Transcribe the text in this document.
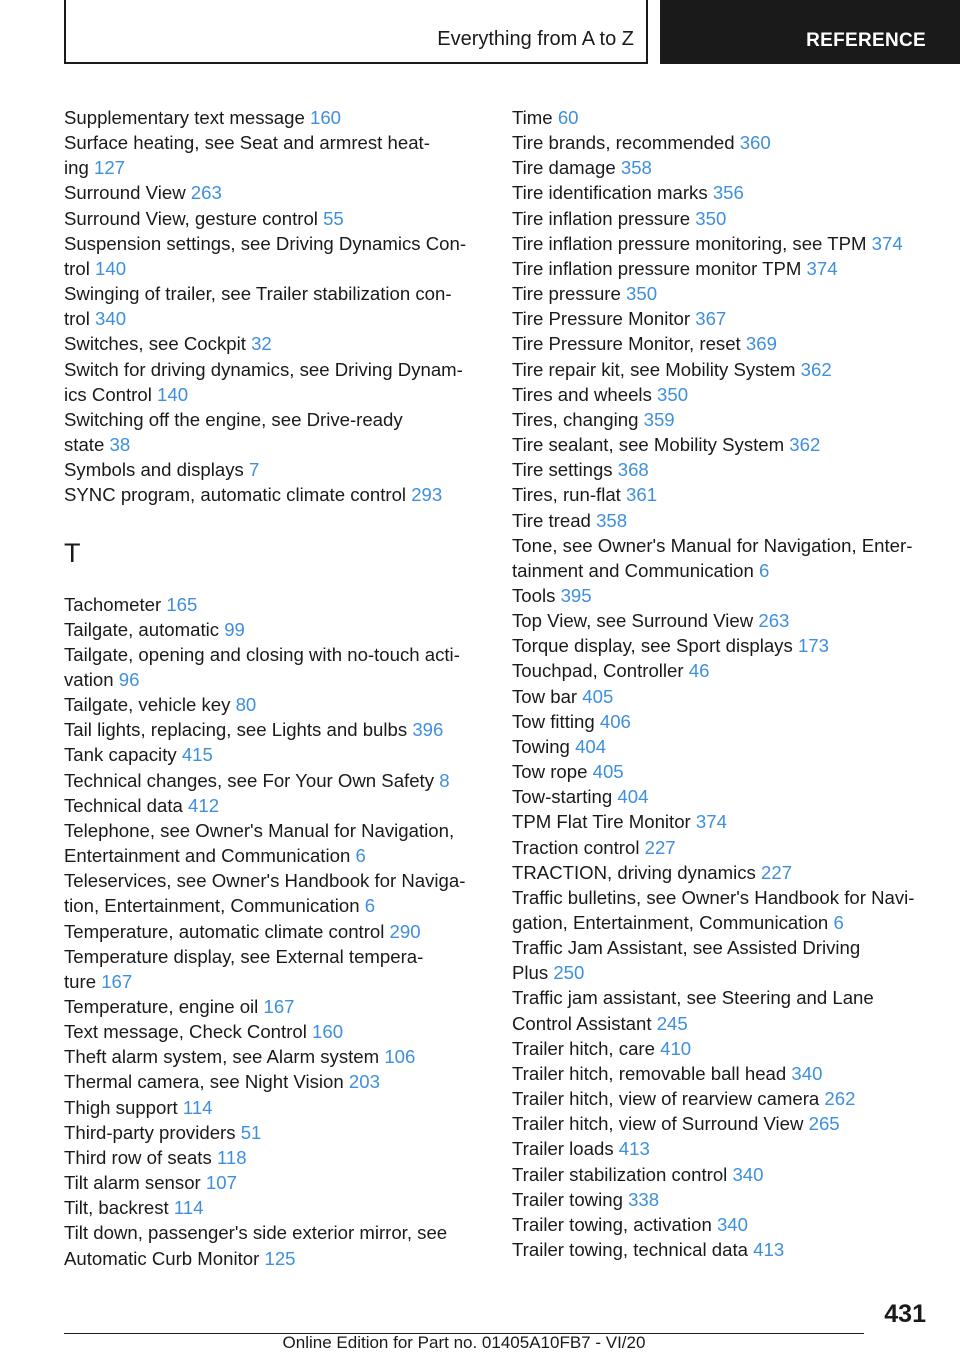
Everything from A to Z	REFERENCE
Supplementary text message 160
Surface heating, see Seat and armrest heat-
ing 127
Surround View 263
Surround View, gesture control 55
Suspension settings, see Driving Dynamics Con-
trol 140
Swinging of trailer, see Trailer stabilization con-
trol 340
Switches, see Cockpit 32
Switch for driving dynamics, see Driving Dynam-
ics Control 140
Switching off the engine, see Drive-ready
state 38
Symbols and displays 7
SYNC program, automatic climate control 293
T
Tachometer 165
Tailgate, automatic 99
Tailgate, opening and closing with no-touch acti-
vation 96
Tailgate, vehicle key 80
Tail lights, replacing, see Lights and bulbs 396
Tank capacity 415
Technical changes, see For Your Own Safety 8
Technical data 412
Telephone, see Owner's Manual for Navigation,
Entertainment and Communication 6
Teleservices, see Owner's Handbook for Naviga-
tion, Entertainment, Communication 6
Temperature, automatic climate control 290
Temperature display, see External tempera-
ture 167
Temperature, engine oil 167
Text message, Check Control 160
Theft alarm system, see Alarm system 106
Thermal camera, see Night Vision 203
Thigh support 114
Third-party providers 51
Third row of seats 118
Tilt alarm sensor 107
Tilt, backrest 114
Tilt down, passenger's side exterior mirror, see
Automatic Curb Monitor 125
Time 60
Tire brands, recommended 360
Tire damage 358
Tire identification marks 356
Tire inflation pressure 350
Tire inflation pressure monitoring, see TPM 374
Tire inflation pressure monitor TPM 374
Tire pressure 350
Tire Pressure Monitor 367
Tire Pressure Monitor, reset 369
Tire repair kit, see Mobility System 362
Tires and wheels 350
Tires, changing 359
Tire sealant, see Mobility System 362
Tire settings 368
Tires, run-flat 361
Tire tread 358
Tone, see Owner's Manual for Navigation, Enter-
tainment and Communication 6
Tools 395
Top View, see Surround View 263
Torque display, see Sport displays 173
Touchpad, Controller 46
Tow bar 405
Tow fitting 406
Towing 404
Tow rope 405
Tow-starting 404
TPM Flat Tire Monitor 374
Traction control 227
TRACTION, driving dynamics 227
Traffic bulletins, see Owner's Handbook for Navi-
gation, Entertainment, Communication 6
Traffic Jam Assistant, see Assisted Driving
Plus 250
Traffic jam assistant, see Steering and Lane
Control Assistant 245
Trailer hitch, care 410
Trailer hitch, removable ball head 340
Trailer hitch, view of rearview camera 262
Trailer hitch, view of Surround View 265
Trailer loads 413
Trailer stabilization control 340
Trailer towing 338
Trailer towing, activation 340
Trailer towing, technical data 413
431
Online Edition for Part no. 01405A10FB7 - VI/20
